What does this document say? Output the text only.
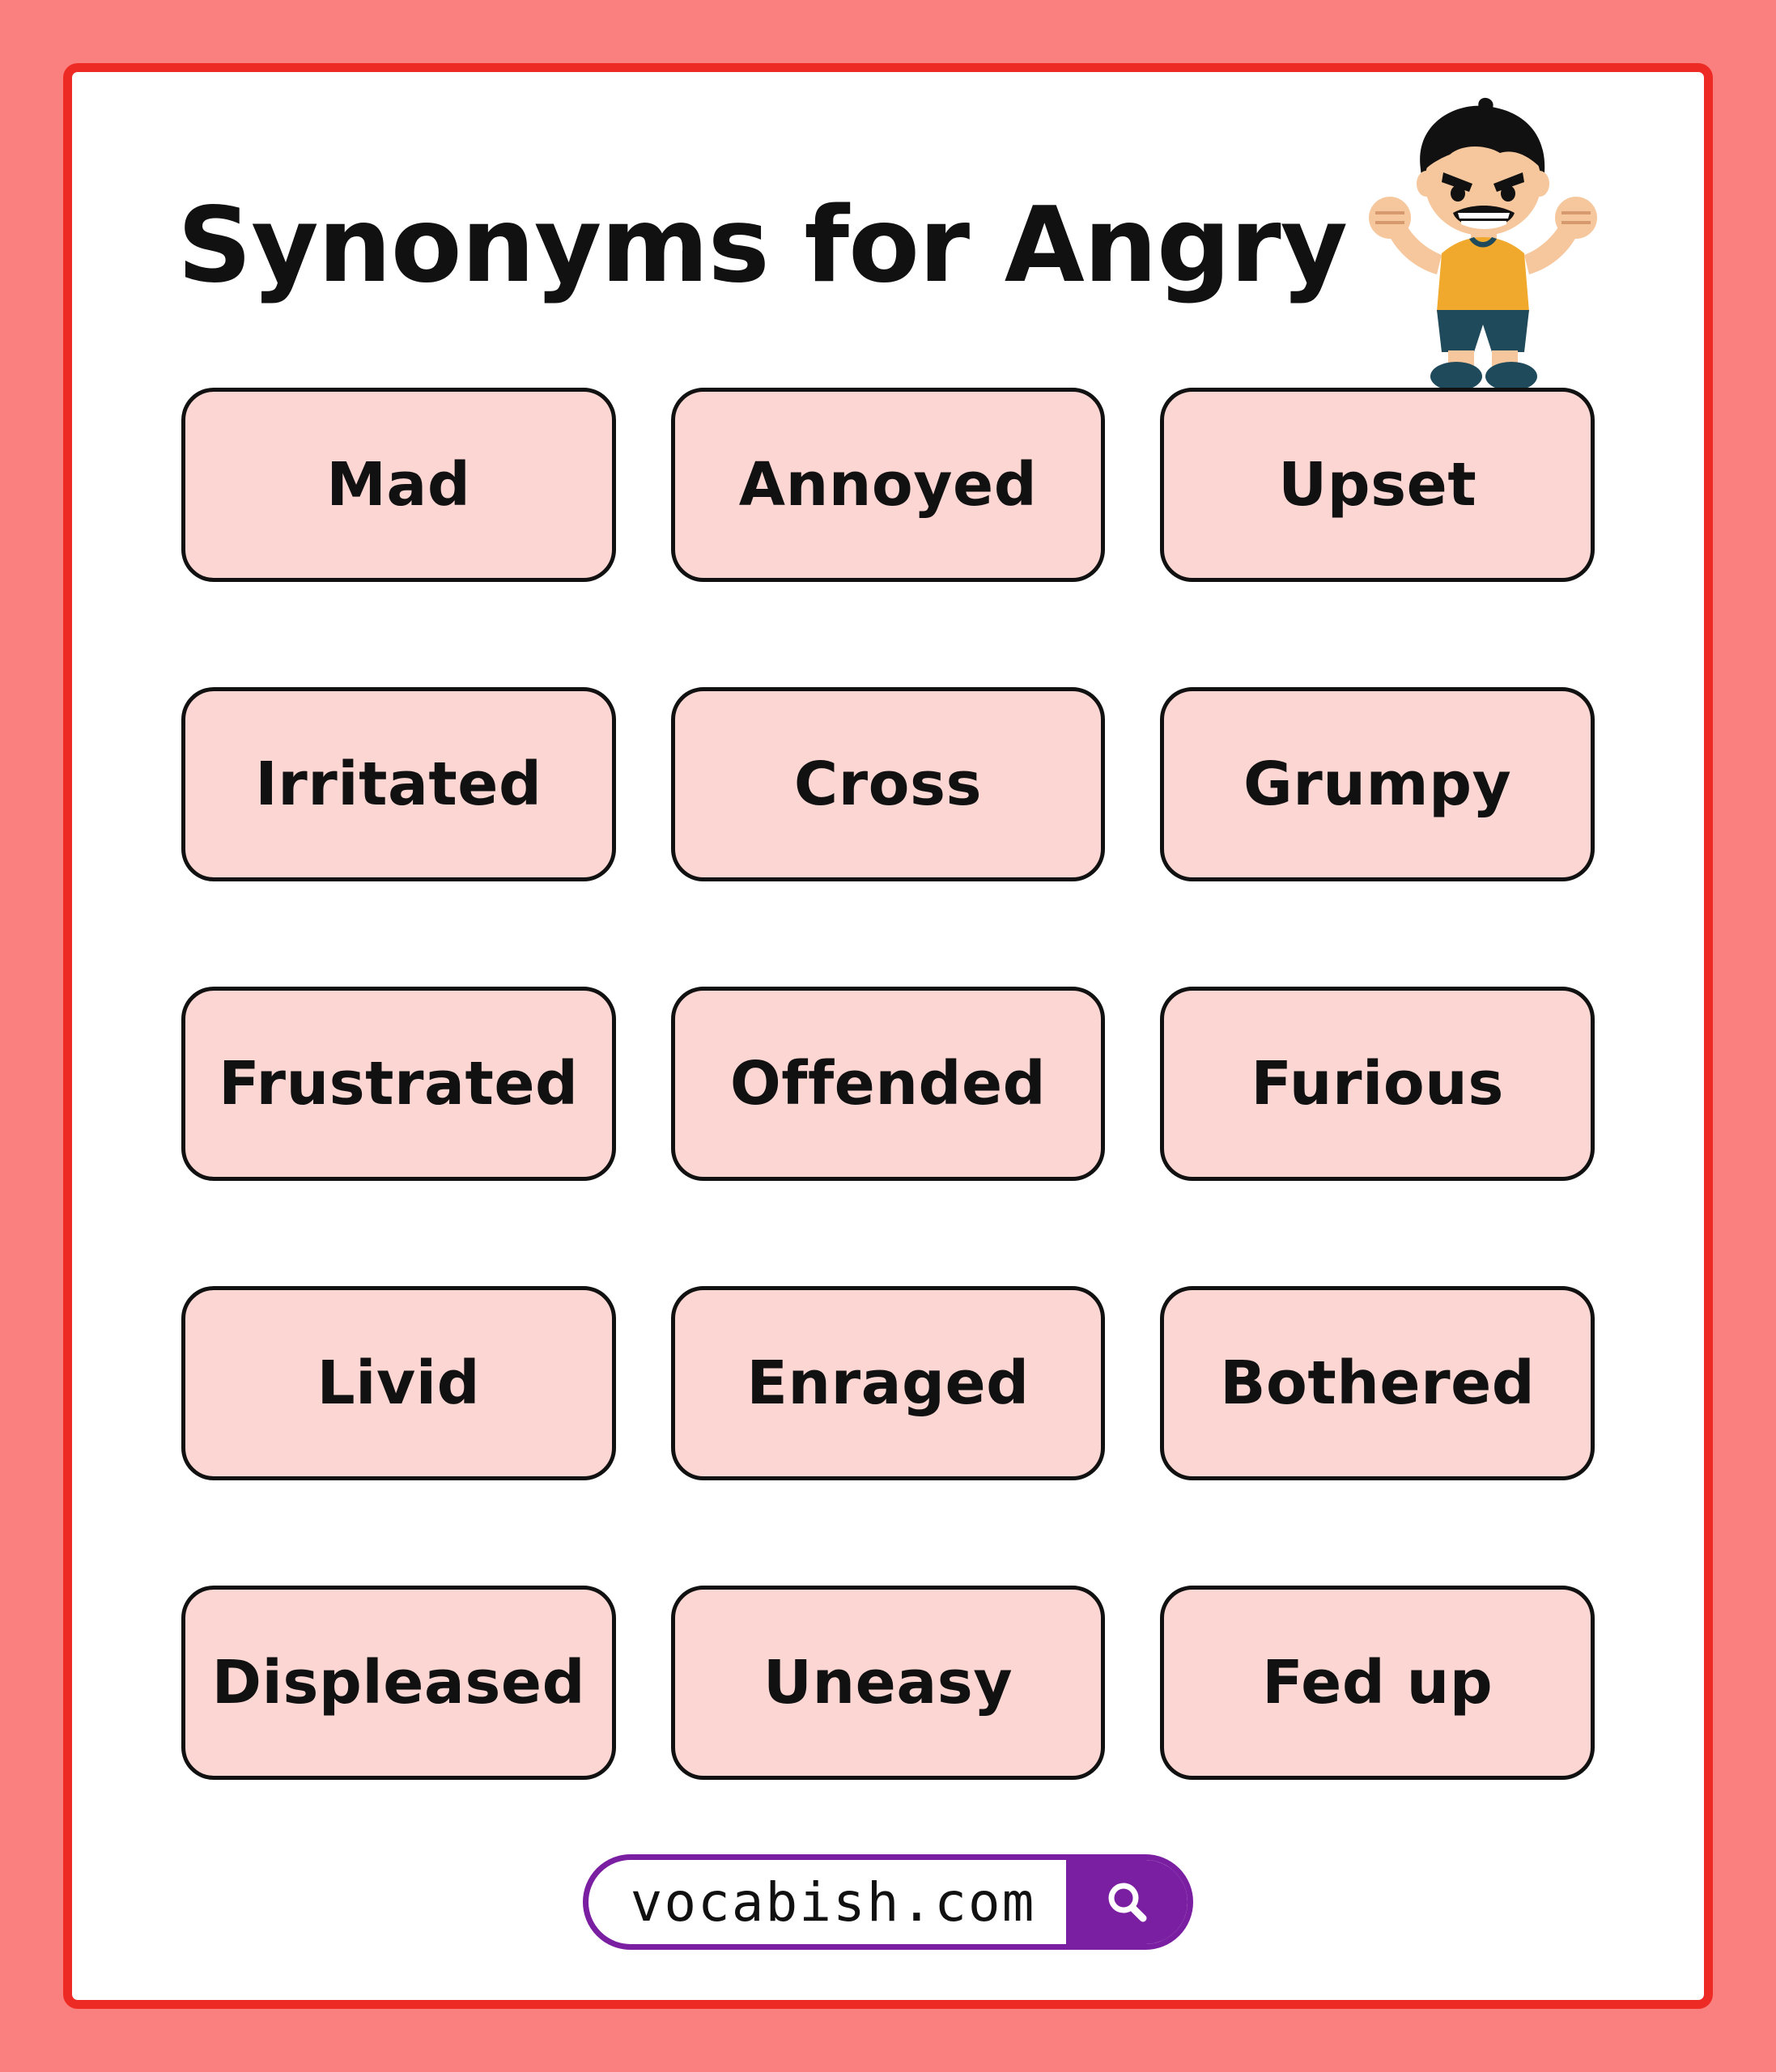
Synonyms for Angry
Mad	Annoyed	Upset
Irritated	Cross	Grumpy
Frustrated	Offended	Furious
Livid	Enraged	Bothered
Displeased	Uneasy	Fed up
vocabish.com
